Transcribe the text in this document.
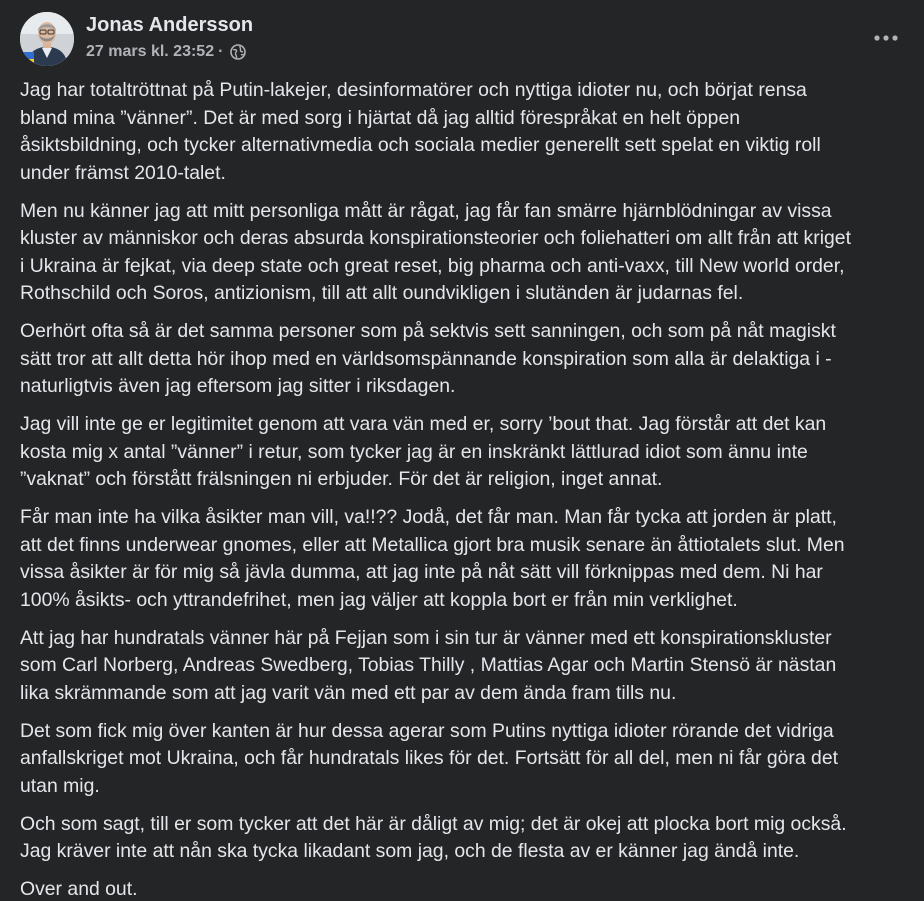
Jonas Andersson
27 mars kl. 23:52 ·

Jag har totaltröttnat på Putin-lakejer, desinformatörer och nyttiga idioter nu, och börjat rensa
bland mina ”vänner”. Det är med sorg i hjärtat då jag alltid förespråkat en helt öppen
åsiktsbildning, och tycker alternativmedia och sociala medier generellt sett spelat en viktig roll
under främst 2010-talet.

Men nu känner jag att mitt personliga mått är rågat, jag får fan smärre hjärnblödningar av vissa
kluster av människor och deras absurda konspirationsteorier och foliehatteri om allt från att kriget
i Ukraina är fejkat, via deep state och great reset, big pharma och anti-vaxx, till New world order,
Rothschild och Soros, antizionism, till att allt oundvikligen i slutänden är judarnas fel.

Oerhört ofta så är det samma personer som på sektvis sett sanningen, och som på nåt magiskt
sätt tror att allt detta hör ihop med en världsomspännande konspiration som alla är delaktiga i -
naturligtvis även jag eftersom jag sitter i riksdagen.

Jag vill inte ge er legitimitet genom att vara vän med er, sorry ’bout that. Jag förstår att det kan
kosta mig x antal ”vänner” i retur, som tycker jag är en inskränkt lättlurad idiot som ännu inte
”vaknat” och förstått frälsningen ni erbjuder. För det är religion, inget annat.

Får man inte ha vilka åsikter man vill, va!!?? Jodå, det får man. Man får tycka att jorden är platt,
att det finns underwear gnomes, eller att Metallica gjort bra musik senare än åttiotalets slut. Men
vissa åsikter är för mig så jävla dumma, att jag inte på nåt sätt vill förknippas med dem. Ni har
100% åsikts- och yttrandefrihet, men jag väljer att koppla bort er från min verklighet.

Att jag har hundratals vänner här på Fejjan som i sin tur är vänner med ett konspirationskluster
som Carl Norberg, Andreas Swedberg, Tobias Thilly , Mattias Agar och Martin Stensö är nästan
lika skrämmande som att jag varit vän med ett par av dem ända fram tills nu.

Det som fick mig över kanten är hur dessa agerar som Putins nyttiga idioter rörande det vidriga
anfallskriget mot Ukraina, och får hundratals likes för det. Fortsätt för all del, men ni får göra det
utan mig.

Och som sagt, till er som tycker att det här är dåligt av mig; det är okej att plocka bort mig också.
Jag kräver inte att nån ska tycka likadant som jag, och de flesta av er känner jag ändå inte.

Over and out.
